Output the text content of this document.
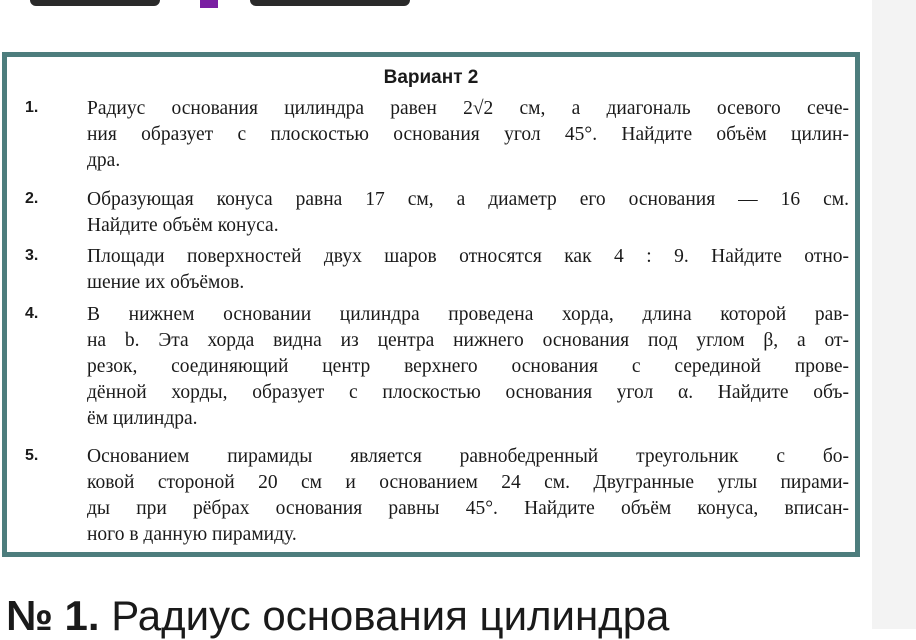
Вариант 2
1. Радиус основания цилиндра равен 2√2 см, а диагональ осевого сече-
ния образует с плоскостью основания угол 45°. Найдите объём цилин-
дра.
2. Образующая конуса равна 17 см, а диаметр его основания — 16 см.
Найдите объём конуса.
3. Площади поверхностей двух шаров относятся как 4 : 9. Найдите отно-
шение их объёмов.
4. В нижнем основании цилиндра проведена хорда, длина которой рав-
на b. Эта хорда видна из центра нижнего основания под углом β, а от-
резок, соединяющий центр верхнего основания с серединой прове-
дённой хорды, образует с плоскостью основания угол α. Найдите объ-
ём цилиндра.
5. Основанием пирамиды является равнобедренный треугольник с бо-
ковой стороной 20 см и основанием 24 см. Двугранные углы пирами-
ды при рёбрах основания равны 45°. Найдите объём конуса, вписан-
ного в данную пирамиду.
№ 1. Радиус основания цилиндра
